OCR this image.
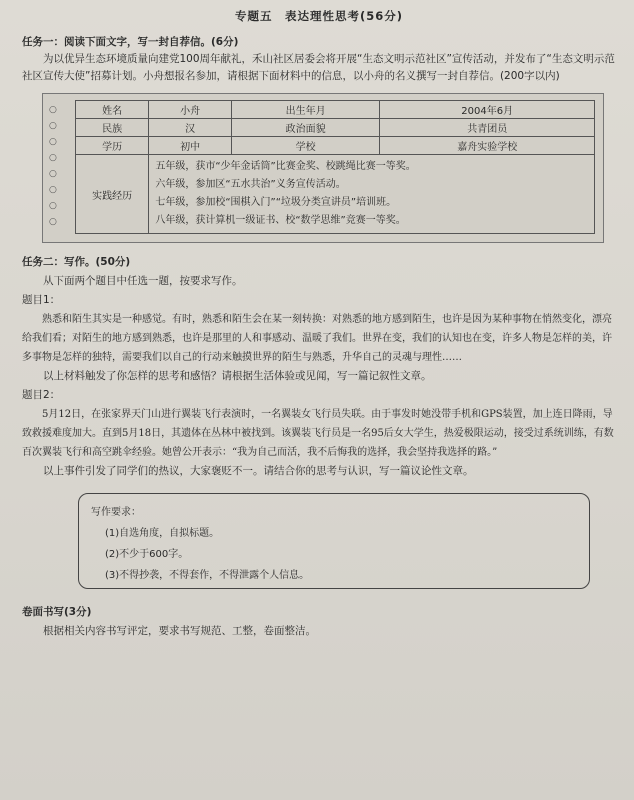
专题五　表达理性思考(56分)

任务一：阅读下面文字，写一封自荐信。(6分)

为以优异生态环境质量向建党100周年献礼，禾山社区居委会将开展“生态文明示范社区”宣传活动，并发布了“生态文明示范社区宣传大使”招募计划。小舟想报名参加，请根据下面材料中的信息，以小舟的名义撰写一封自荐信。(200字以内)

○
○
○
○
○
○
○
○
姓名	小舟	出生年月	2004年6月
民族	汉	政治面貌	共青团员
学历	初中	学校	嘉舟实验学校
实践经历	五年级，获市“少年金话筒”比赛金奖、校跳绳比赛一等奖。
六年级，参加区“五水共治”义务宣传活动。
七年级，参加校“围棋入门”“垃圾分类宣讲员”培训班。
八年级，获计算机一级证书、校“数学思维”竞赛一等奖。		

任务二：写作。(50分)

从下面两个题目中任选一题，按要求写作。

题目1：

熟悉和陌生其实是一种感觉。有时，熟悉和陌生会在某一刻转换：对熟悉的地方感到陌生，也许是因为某种事物在悄然变化，漂亮给我们看；对陌生的地方感到熟悉，也许是那里的人和事感动、温暖了我们。世界在变，我们的认知也在变，许多人物是怎样的美，许多事物是怎样的独特，需要我们以自己的行动来触摸世界的陌生与熟悉，升华自己的灵魂与理性……

以上材料触发了你怎样的思考和感悟？请根据生活体验或见闻，写一篇记叙性文章。

题目2：

5月12日，在张家界天门山进行翼装飞行表演时，一名翼装女飞行员失联。由于事发时她没带手机和GPS装置，加上连日降雨，导致救援难度加大。直到5月18日，其遗体在丛林中被找到。该翼装飞行员是一名95后女大学生，热爱极限运动，接受过系统训练，有数百次翼装飞行和高空跳伞经验。她曾公开表示：“我为自己而活，我不后悔我的选择，我会坚持我选择的路。”

以上事件引发了同学们的热议，大家褒贬不一。请结合你的思考与认识，写一篇议论性文章。

写作要求：
(1)自选角度，自拟标题。
(2)不少于600字。
(3)不得抄袭，不得套作，不得泄露个人信息。

卷面书写(3分)

根据相关内容书写评定，要求书写规范、工整，卷面整洁。
